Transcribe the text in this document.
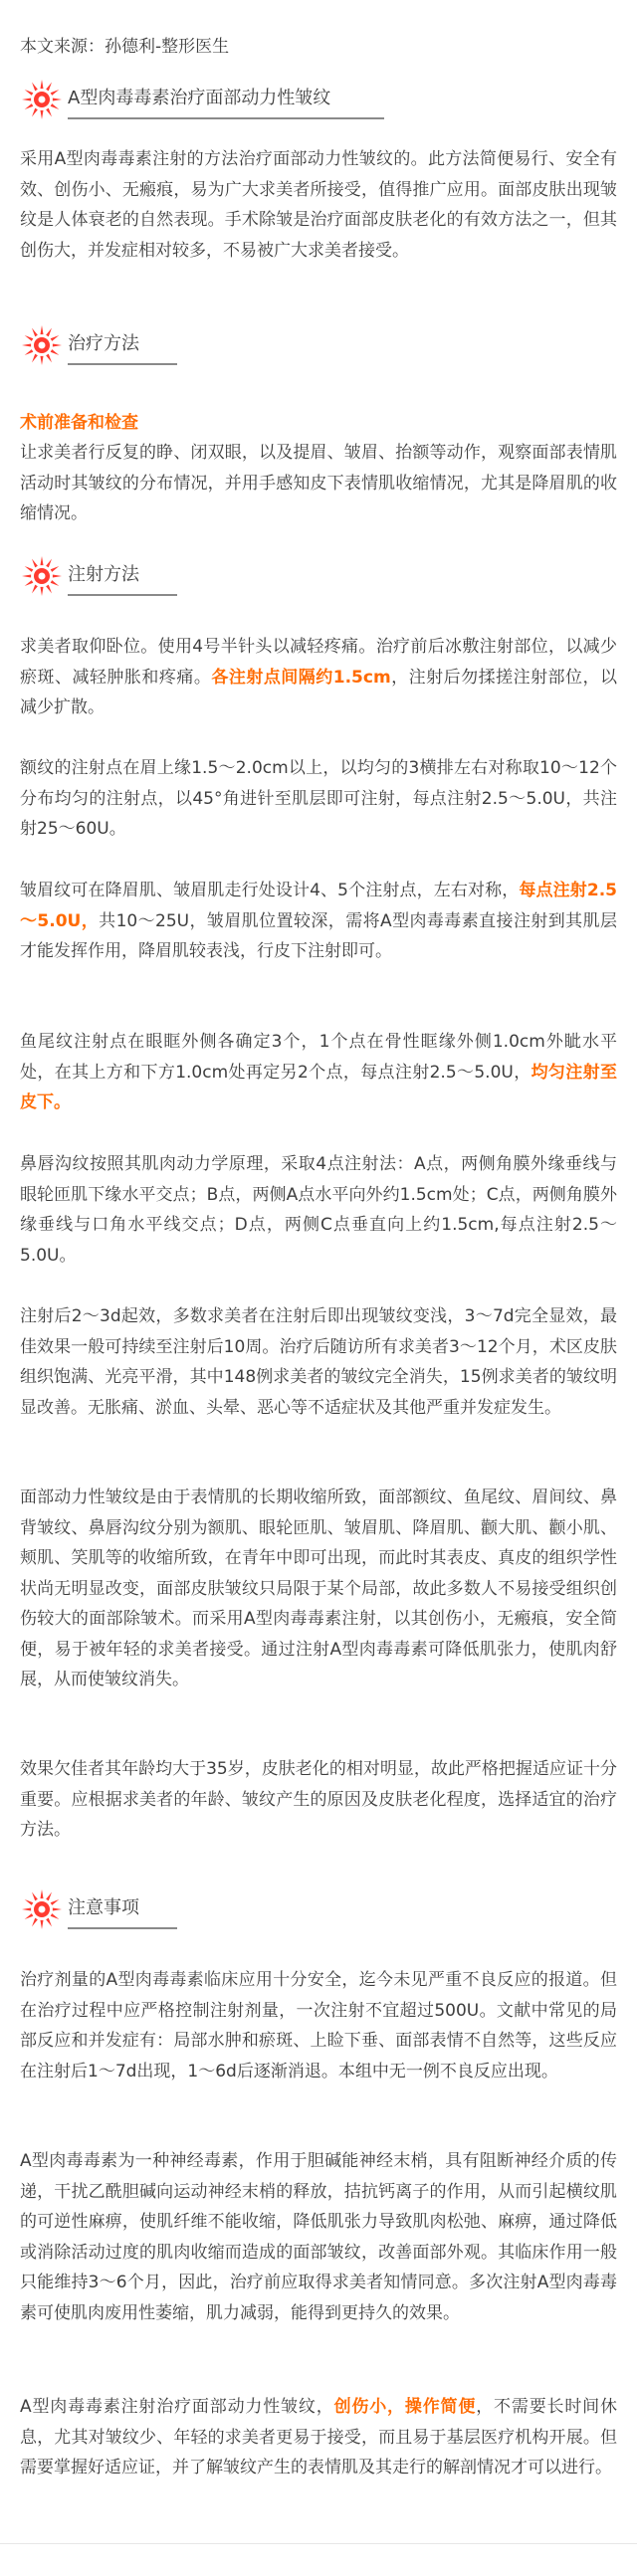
本文来源：孙德利-整形医生
A型肉毒毒素治疗面部动力性皱纹
采用A型肉毒毒素注射的方法治疗面部动力性皱纹的。此方法简便易行、安全有效、创伤小、无瘢痕，易为广大求美者所接受，值得推广应用。面部皮肤出现皱纹是人体衰老的自然表现。手术除皱是治疗面部皮肤老化的有效方法之一，但其创伤大，并发症相对较多，不易被广大求美者接受。
治疗方法
术前准备和检查
让求美者行反复的睁、闭双眼，以及提眉、皱眉、抬额等动作，观察面部表情肌活动时其皱纹的分布情况，并用手感知皮下表情肌收缩情况，尤其是降眉肌的收缩情况。
注射方法
求美者取仰卧位。使用4号半针头以减轻疼痛。治疗前后冰敷注射部位，以减少瘀斑、减轻肿胀和疼痛。各注射点间隔约1.5cm，注射后勿揉搓注射部位，以减少扩散。
额纹的注射点在眉上缘1.5～2.0cm以上，以均匀的3横排左右对称取10～12个分布均匀的注射点，以45°角进针至肌层即可注射，每点注射2.5～5.0U，共注射25～60U。
皱眉纹可在降眉肌、皱眉肌走行处设计4、5个注射点，左右对称，每点注射2.5～5.0U，共10～25U，皱眉肌位置较深，需将A型肉毒毒素直接注射到其肌层才能发挥作用，降眉肌较表浅，行皮下注射即可。
鱼尾纹注射点在眼眶外侧各确定3个，1个点在骨性眶缘外侧1.0cm外眦水平处，在其上方和下方1.0cm处再定另2个点，每点注射2.5～5.0U，均匀注射至皮下。
鼻唇沟纹按照其肌肉动力学原理，采取4点注射法：A点，两侧角膜外缘垂线与眼轮匝肌下缘水平交点；B点，两侧A点水平向外约1.5cm处；C点，两侧角膜外缘垂线与口角水平线交点；D点，两侧C点垂直向上约1.5cm,每点注射2.5～5.0U。
注射后2～3d起效，多数求美者在注射后即出现皱纹变浅，3～7d完全显效，最佳效果一般可持续至注射后10周。治疗后随访所有求美者3～12个月，术区皮肤组织饱满、光亮平滑，其中148例求美者的皱纹完全消失，15例求美者的皱纹明显改善。无胀痛、淤血、头晕、恶心等不适症状及其他严重并发症发生。
面部动力性皱纹是由于表情肌的长期收缩所致，面部额纹、鱼尾纹、眉间纹、鼻背皱纹、鼻唇沟纹分别为额肌、眼轮匝肌、皱眉肌、降眉肌、颧大肌、颧小肌、颊肌、笑肌等的收缩所致，在青年中即可出现，而此时其表皮、真皮的组织学性状尚无明显改变，面部皮肤皱纹只局限于某个局部，故此多数人不易接受组织创伤较大的面部除皱术。而采用A型肉毒毒素注射，以其创伤小，无瘢痕，安全简便，易于被年轻的求美者接受。通过注射A型肉毒毒素可降低肌张力，使肌肉舒展，从而使皱纹消失。
效果欠佳者其年龄均大于35岁，皮肤老化的相对明显，故此严格把握适应证十分重要。应根据求美者的年龄、皱纹产生的原因及皮肤老化程度，选择适宜的治疗方法。
注意事项
治疗剂量的A型肉毒毒素临床应用十分安全，迄今未见严重不良反应的报道。但在治疗过程中应严格控制注射剂量，一次注射不宜超过500U。文献中常见的局部反应和并发症有：局部水肿和瘀斑、上睑下垂、面部表情不自然等，这些反应在注射后1～7d出现，1～6d后逐渐消退。本组中无一例不良反应出现。
A型肉毒毒素为一种神经毒素，作用于胆碱能神经末梢，具有阻断神经介质的传递，干扰乙酰胆碱向运动神经末梢的释放，拮抗钙离子的作用，从而引起横纹肌的可逆性麻痹，使肌纤维不能收缩，降低肌张力导致肌肉松弛、麻痹，通过降低或消除活动过度的肌肉收缩而造成的面部皱纹，改善面部外观。其临床作用一般只能维持3～6个月，因此，治疗前应取得求美者知情同意。多次注射A型肉毒毒素可使肌肉废用性萎缩，肌力减弱，能得到更持久的效果。
A型肉毒毒素注射治疗面部动力性皱纹，创伤小，操作简便，不需要长时间休息，尤其对皱纹少、年轻的求美者更易于接受，而且易于基层医疗机构开展。但需要掌握好适应证，并了解皱纹产生的表情肌及其走行的解剖情况才可以进行。
